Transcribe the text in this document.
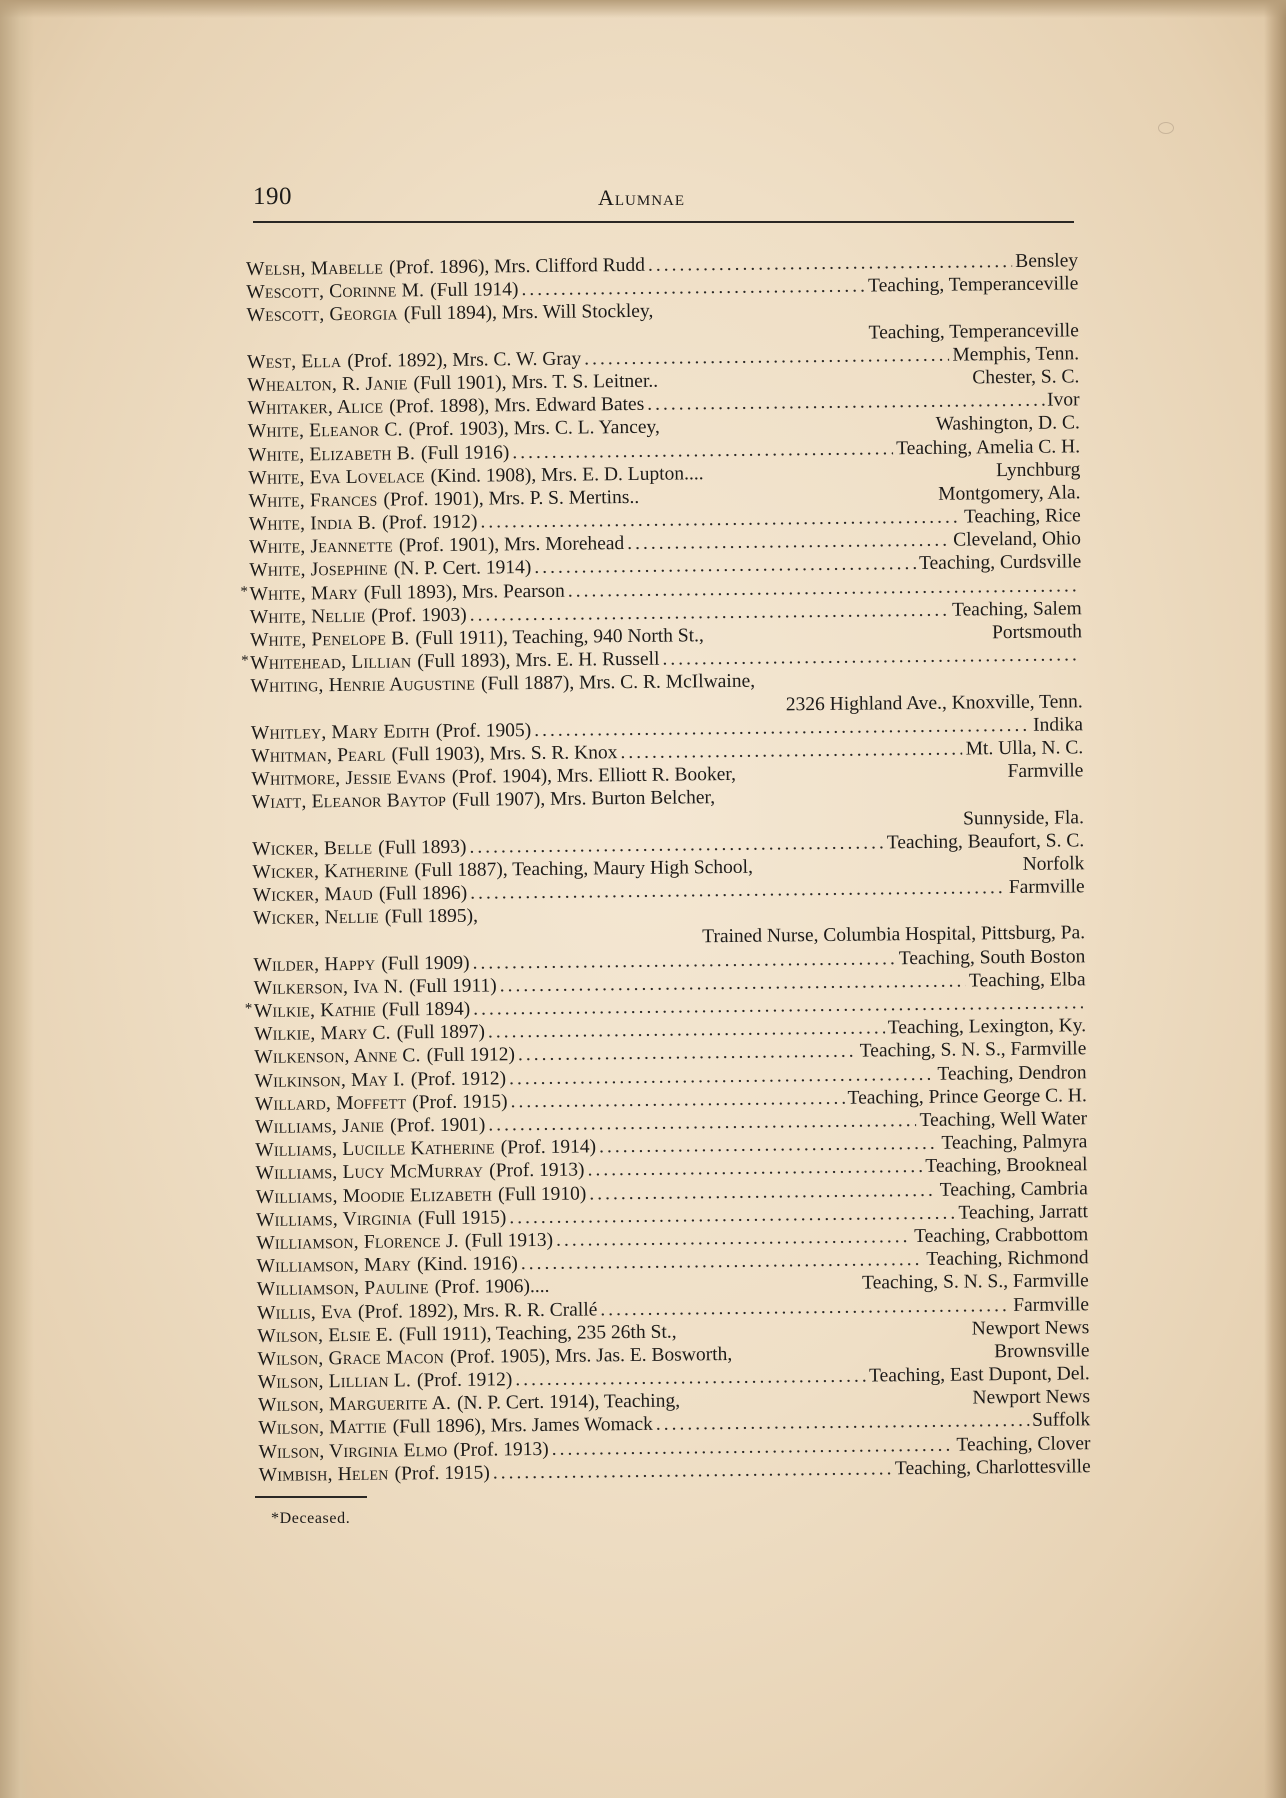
190	Alumnae
Welsh, Mabelle (Prof. 1896), Mrs. Clifford Rudd .....	Bensley
Wescott, Corinne M. (Full 1914) .....	Teaching, Temperanceville
Wescott, Georgia (Full 1894), Mrs. Will Stockley,
Teaching, Temperanceville
West, Ella (Prof. 1892), Mrs. C. W. Gray .....	Memphis, Tenn.
Whealton, R. Janie (Full 1901), Mrs. T. S. Leitner..	Chester, S. C.
Whitaker, Alice (Prof. 1898), Mrs. Edward Bates .....	Ivor
White, Eleanor C. (Prof. 1903), Mrs. C. L. Yancey,	Washington, D. C.
White, Elizabeth B. (Full 1916) .....	Teaching, Amelia C. H.
White, Eva Lovelace (Kind. 1908), Mrs. E. D. Lupton....	Lynchburg
White, Frances (Prof. 1901), Mrs. P. S. Mertins..	Montgomery, Ala.
White, India B. (Prof. 1912) .....	Teaching, Rice
White, Jeannette (Prof. 1901), Mrs. Morehead .....	Cleveland, Ohio
White, Josephine (N. P. Cert. 1914) .....	Teaching, Curdsville
* White, Mary (Full 1893), Mrs. Pearson
.....
White, Nellie (Prof. 1903) .....	Teaching, Salem
White, Penelope B. (Full 1911), Teaching, 940 North St.,	Portsmouth
* Whitehead, Lillian (Full 1893), Mrs. E. H. Russell
.....
Whiting, Henrie Augustine (Full 1887), Mrs. C. R. McIlwaine,
2326 Highland Ave., Knoxville, Tenn.
Whitley, Mary Edith (Prof. 1905) .....	Indika
Whitman, Pearl (Full 1903), Mrs. S. R. Knox .....	Mt. Ulla, N. C.
Whitmore, Jessie Evans (Prof. 1904), Mrs. Elliott R. Booker,	Farmville
Wiatt, Eleanor Baytop (Full 1907), Mrs. Burton Belcher,
Sunnyside, Fla.
Wicker, Belle (Full 1893) .....	Teaching, Beaufort, S. C.
Wicker, Katherine (Full 1887), Teaching, Maury High School,	Norfolk
Wicker, Maud (Full 1896) .....	Farmville
Wicker, Nellie (Full 1895),
Trained Nurse, Columbia Hospital, Pittsburg, Pa.
Wilder, Happy (Full 1909) .....	Teaching, South Boston
Wilkerson, Iva N. (Full 1911) .....	Teaching, Elba
* Wilkie, Kathie (Full 1894)
.....
Wilkie, Mary C. (Full 1897) .....	Teaching, Lexington, Ky.
Wilkenson, Anne C. (Full 1912) .....	Teaching, S. N. S., Farmville
Wilkinson, May I. (Prof. 1912) .....	Teaching, Dendron
Willard, Moffett (Prof. 1915) .....	Teaching, Prince George C. H.
Williams, Janie (Prof. 1901) .....	Teaching, Well Water
Williams, Lucille Katherine (Prof. 1914) .....	Teaching, Palmyra
Williams, Lucy McMurray (Prof. 1913) .....	Teaching, Brookneal
Williams, Moodie Elizabeth (Full 1910) .....	Teaching, Cambria
Williams, Virginia (Full 1915) .....	Teaching, Jarratt
Williamson, Florence J. (Full 1913) .....	Teaching, Crabbottom
Williamson, Mary (Kind. 1916) .....	Teaching, Richmond
Williamson, Pauline (Prof. 1906)....	Teaching, S. N. S., Farmville
Willis, Eva (Prof. 1892), Mrs. R. R. Crallé .....	Farmville
Wilson, Elsie E. (Full 1911), Teaching, 235 26th St.,	Newport News
Wilson, Grace Macon (Prof. 1905), Mrs. Jas. E. Bosworth,	Brownsville
Wilson, Lillian L. (Prof. 1912) .....	Teaching, East Dupont, Del.
Wilson, Marguerite A. (N. P. Cert. 1914), Teaching,	Newport News
Wilson, Mattie (Full 1896), Mrs. James Womack .....	Suffolk
Wilson, Virginia Elmo (Prof. 1913) .....	Teaching, Clover
Wimbish, Helen (Prof. 1915) .....	Teaching, Charlottesville
*Deceased.
